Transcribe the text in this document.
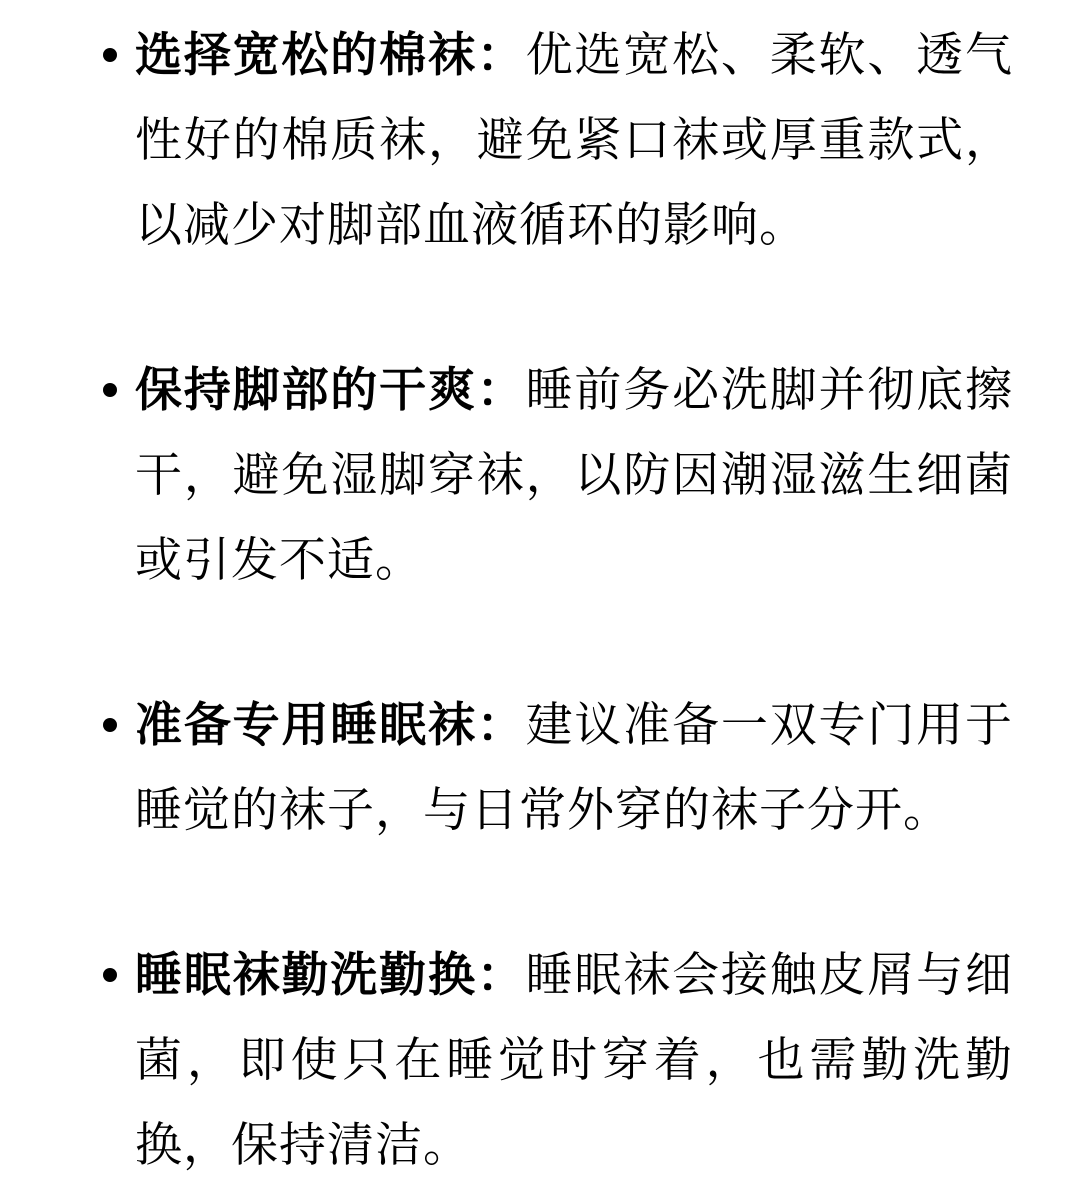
选择宽松的棉袜：优选宽松、柔软、透气性好的棉质袜，避免紧口袜或厚重款式，以减少对脚部血液循环的影响。
保持脚部的干爽：睡前务必洗脚并彻底擦干，避免湿脚穿袜，以防因潮湿滋生细菌或引发不适。
准备专用睡眠袜：建议准备一双专门用于睡觉的袜子，与日常外穿的袜子分开。
睡眠袜勤洗勤换：睡眠袜会接触皮屑与细菌，即使只在睡觉时穿着，也需勤洗勤换，保持清洁。
